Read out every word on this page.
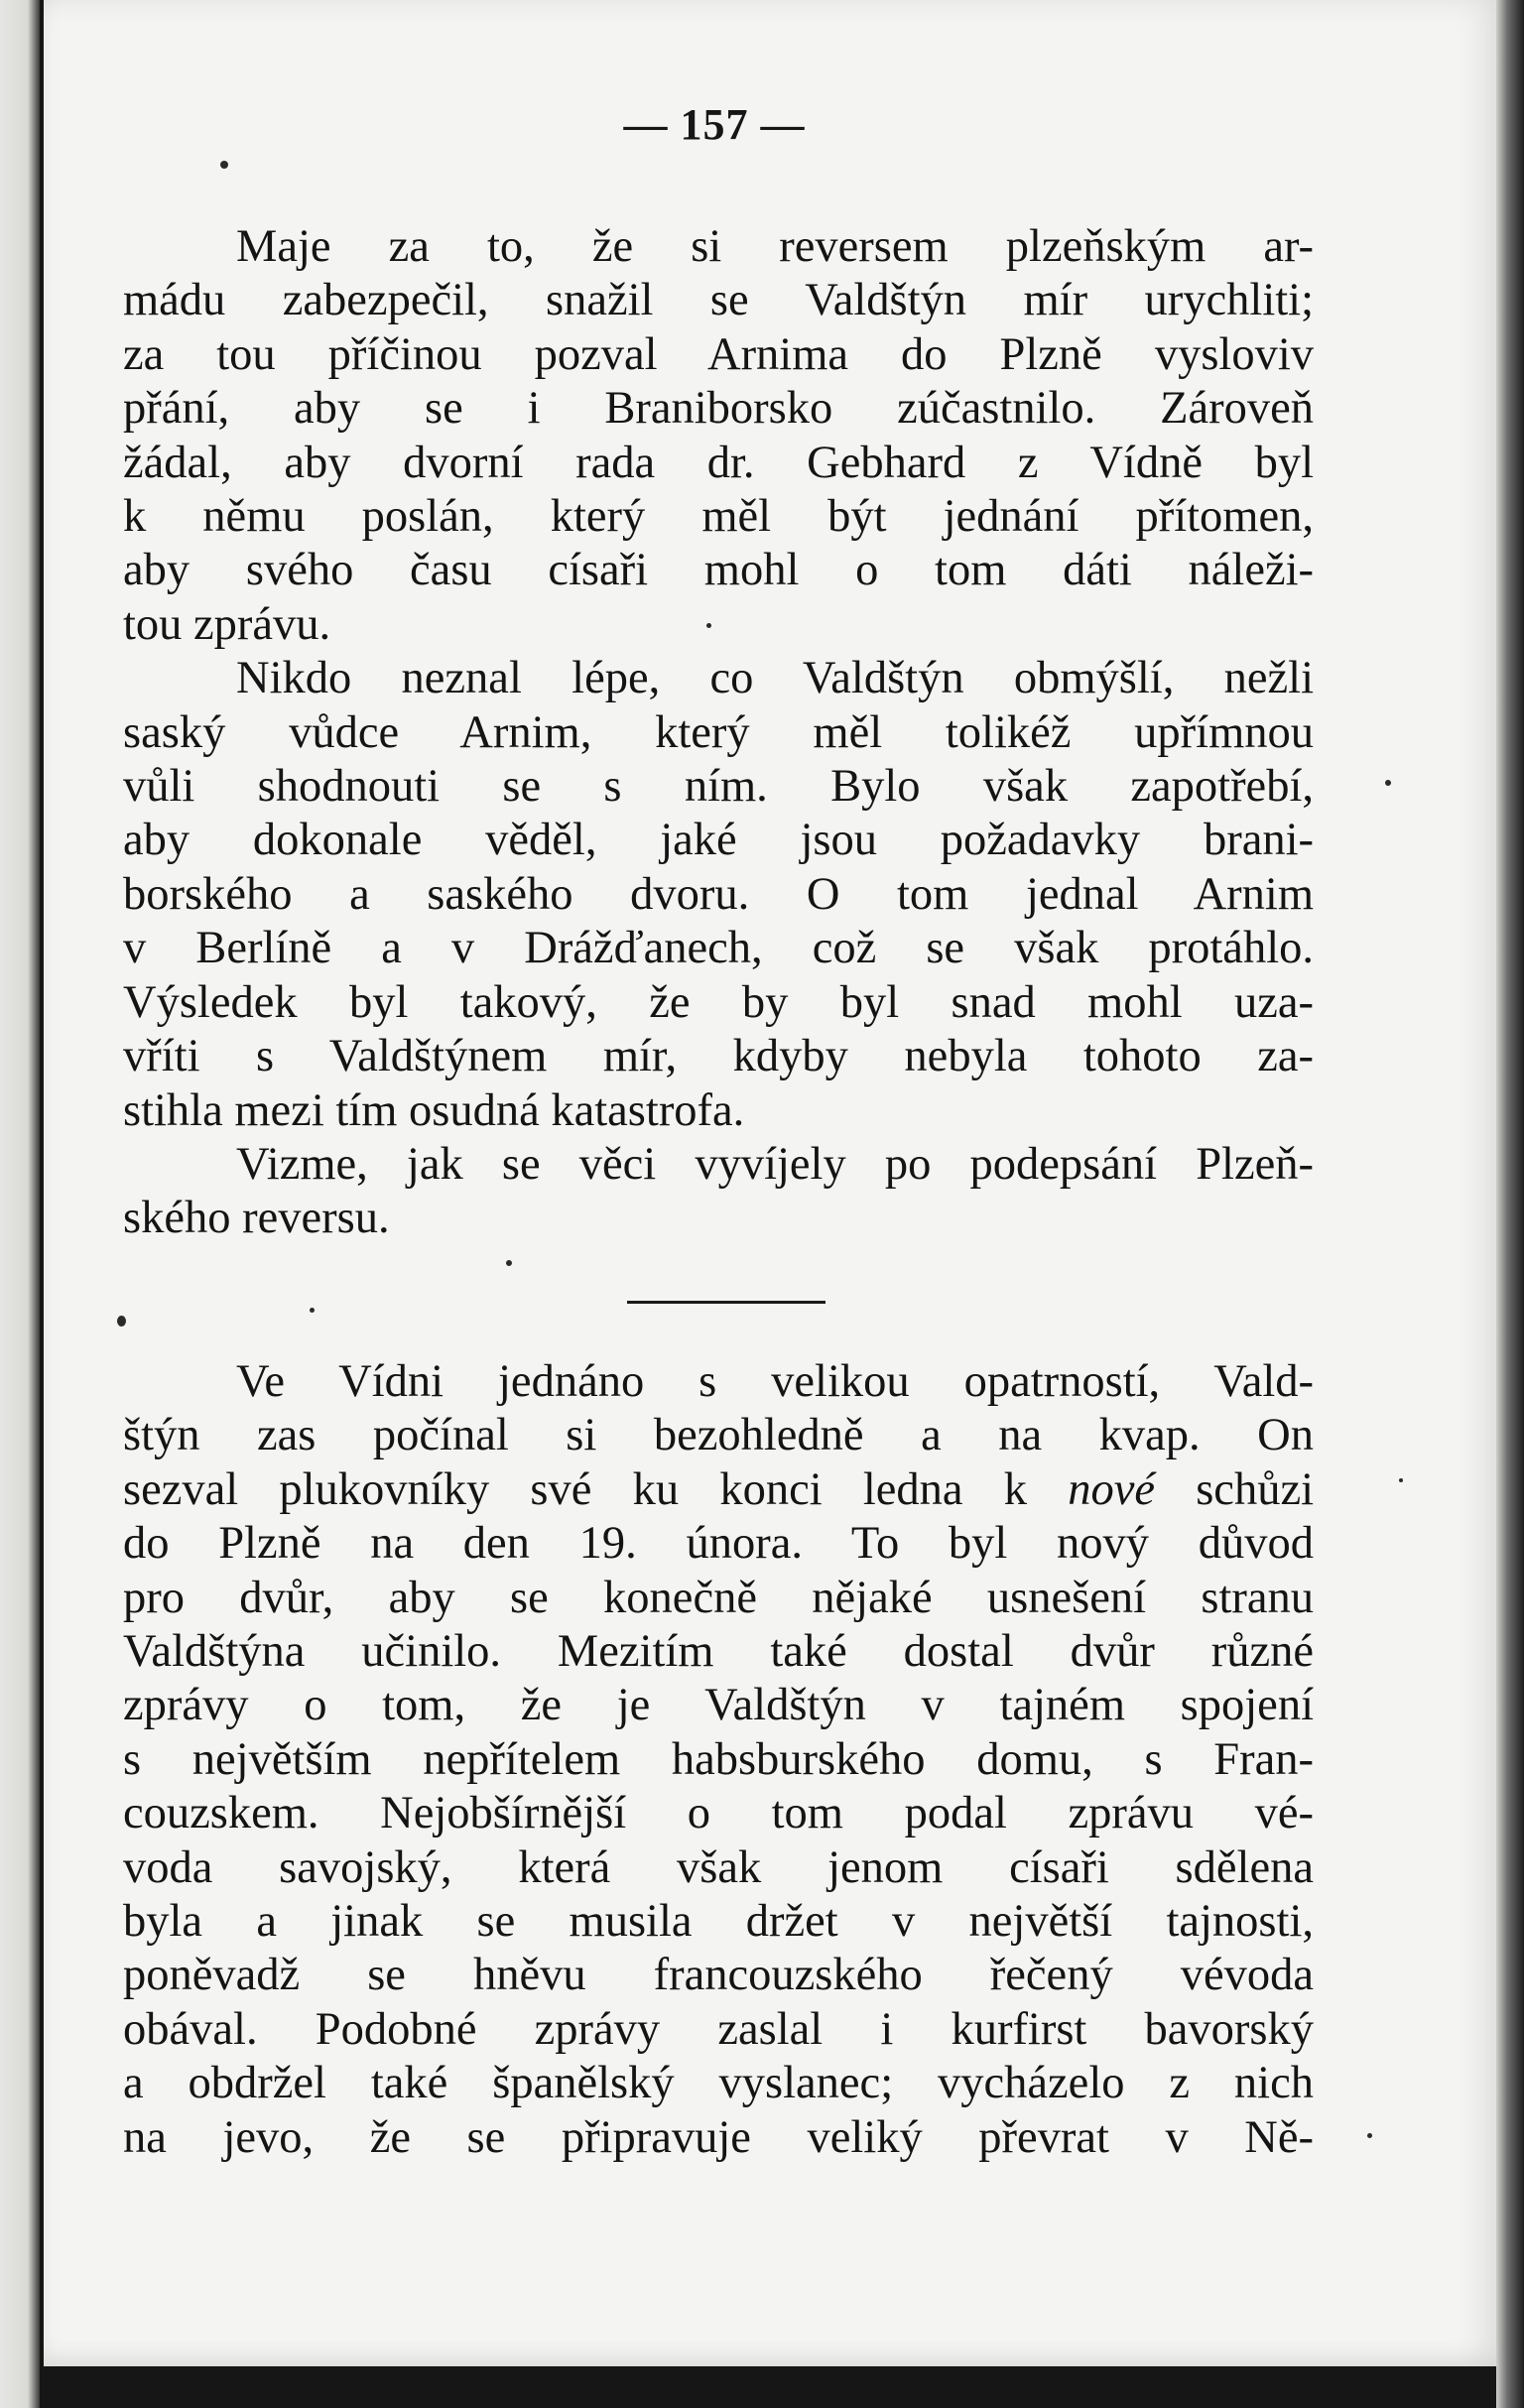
— 157 —
Maje za to, že si reversem plzeňským ar-
mádu zabezpečil, snažil se Valdštýn mír urychliti;
za tou příčinou pozval Arnima do Plzně vysloviv
přání, aby se i Braniborsko zúčastnilo. Zároveň
žádal, aby dvorní rada dr. Gebhard z Vídně byl
k němu poslán, který měl být jednání přítomen,
aby svého času císaři mohl o tom dáti náleži-
tou zprávu.
Nikdo neznal lépe, co Valdštýn obmýšlí, nežli
saský vůdce Arnim, který měl tolikéž upřímnou
vůli shodnouti se s ním. Bylo však zapotřebí,
aby dokonale věděl, jaké jsou požadavky brani-
borského a saského dvoru. O tom jednal Arnim
v Berlíně a v Drážďanech, což se však protáhlo.
Výsledek byl takový, že by byl snad mohl uza-
vříti s Valdštýnem mír, kdyby nebyla tohoto za-
stihla mezi tím osudná katastrofa.
Vizme, jak se věci vyvíjely po podepsání Plzeň-
ského reversu.
Ve Vídni jednáno s velikou opatrností, Vald-
štýn zas počínal si bezohledně a na kvap. On
sezval plukovníky své ku konci ledna k nové schůzi
do Plzně na den 19. února. To byl nový důvod
pro dvůr, aby se konečně nějaké usnešení stranu
Valdštýna učinilo. Mezitím také dostal dvůr různé
zprávy o tom, že je Valdštýn v tajném spojení
s největším nepřítelem habsburského domu, s Fran-
couzskem. Nejobšírnější o tom podal zprávu vé-
voda savojský, která však jenom císaři sdělena
byla a jinak se musila držet v největší tajnosti,
poněvadž se hněvu francouzského řečený vévoda
obával. Podobné zprávy zaslal i kurfirst bavorský
a obdržel také španělský vyslanec; vycházelo z nich
na jevo, že se připravuje veliký převrat v Ně-
